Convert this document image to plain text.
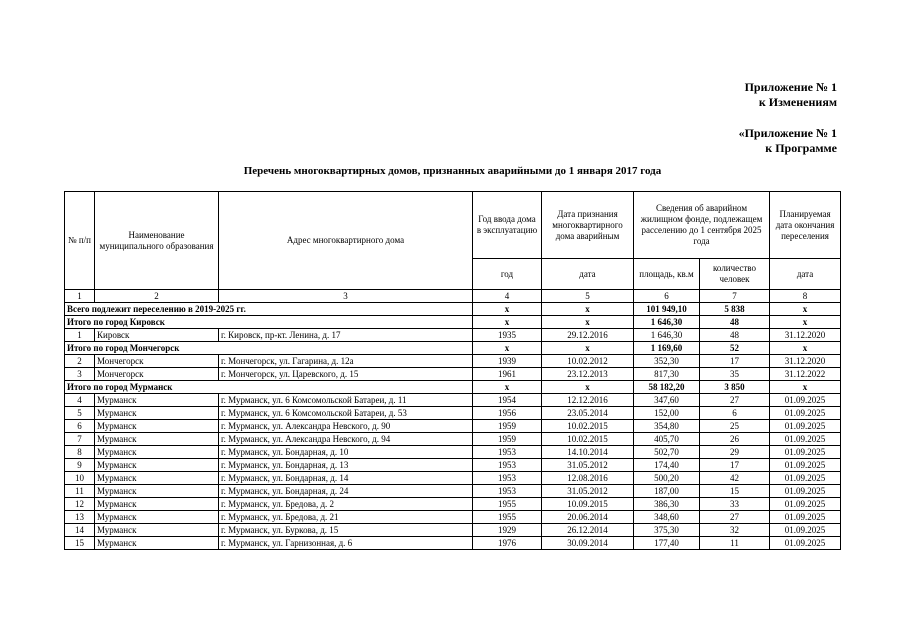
Приложение № 1
к Изменениям
«Приложение № 1
к Программе
Перечень многоквартирных домов, признанных аварийными до 1 января 2017 года
№ п/п	Наименование муниципального образования	Адрес многоквартирного дома	Год ввода дома в эксплуатацию	Дата признания многоквартирного дома аварийным	Сведения об аварийном жилищном фонде, подлежащем расселению до 1 сентября 2025 года		Планируемая дата окончания переселения
			год	дата	площадь, кв.м	количество человек	дата
1	2	3	4	5	6	7	8
Всего подлежит переселению в 2019-2025 гг.			х	х	101 949,10	5 838	х
Итого по город Кировск			х	х	1 646,30	48	х
1	Кировск	г. Кировск, пр-кт. Ленина, д. 17	1935	29.12.2016	1 646,30	48	31.12.2020
Итого по город Мончегорск			х	х	1 169,60	52	х
2	Мончегорск	г. Мончегорск, ул. Гагарина, д. 12а	1939	10.02.2012	352,30	17	31.12.2020
3	Мончегорск	г. Мончегорск, ул. Царевского, д. 15	1961	23.12.2013	817,30	35	31.12.2022
Итого по город Мурманск			х	х	58 182,20	3 850	х
4	Мурманск	г. Мурманск, ул. 6 Комсомольской Батареи, д. 11	1954	12.12.2016	347,60	27	01.09.2025
5	Мурманск	г. Мурманск, ул. 6 Комсомольской Батареи, д. 53	1956	23.05.2014	152,00	6	01.09.2025
6	Мурманск	г. Мурманск, ул. Александра Невского, д. 90	1959	10.02.2015	354,80	25	01.09.2025
7	Мурманск	г. Мурманск, ул. Александра Невского, д. 94	1959	10.02.2015	405,70	26	01.09.2025
8	Мурманск	г. Мурманск, ул. Бондарная, д. 10	1953	14.10.2014	502,70	29	01.09.2025
9	Мурманск	г. Мурманск, ул. Бондарная, д. 13	1953	31.05.2012	174,40	17	01.09.2025
10	Мурманск	г. Мурманск, ул. Бондарная, д. 14	1953	12.08.2016	500,20	42	01.09.2025
11	Мурманск	г. Мурманск, ул. Бондарная, д. 24	1953	31.05.2012	187,00	15	01.09.2025
12	Мурманск	г. Мурманск, ул. Бредова, д. 2	1955	10.09.2015	386,30	33	01.09.2025
13	Мурманск	г. Мурманск, ул. Бредова, д. 21	1955	20.06.2014	348,60	27	01.09.2025
14	Мурманск	г. Мурманск, ул. Буркова, д. 15	1929	26.12.2014	375,30	32	01.09.2025
15	Мурманск	г. Мурманск, ул. Гарнизонная, д. 6	1976	30.09.2014	177,40	11	01.09.2025
